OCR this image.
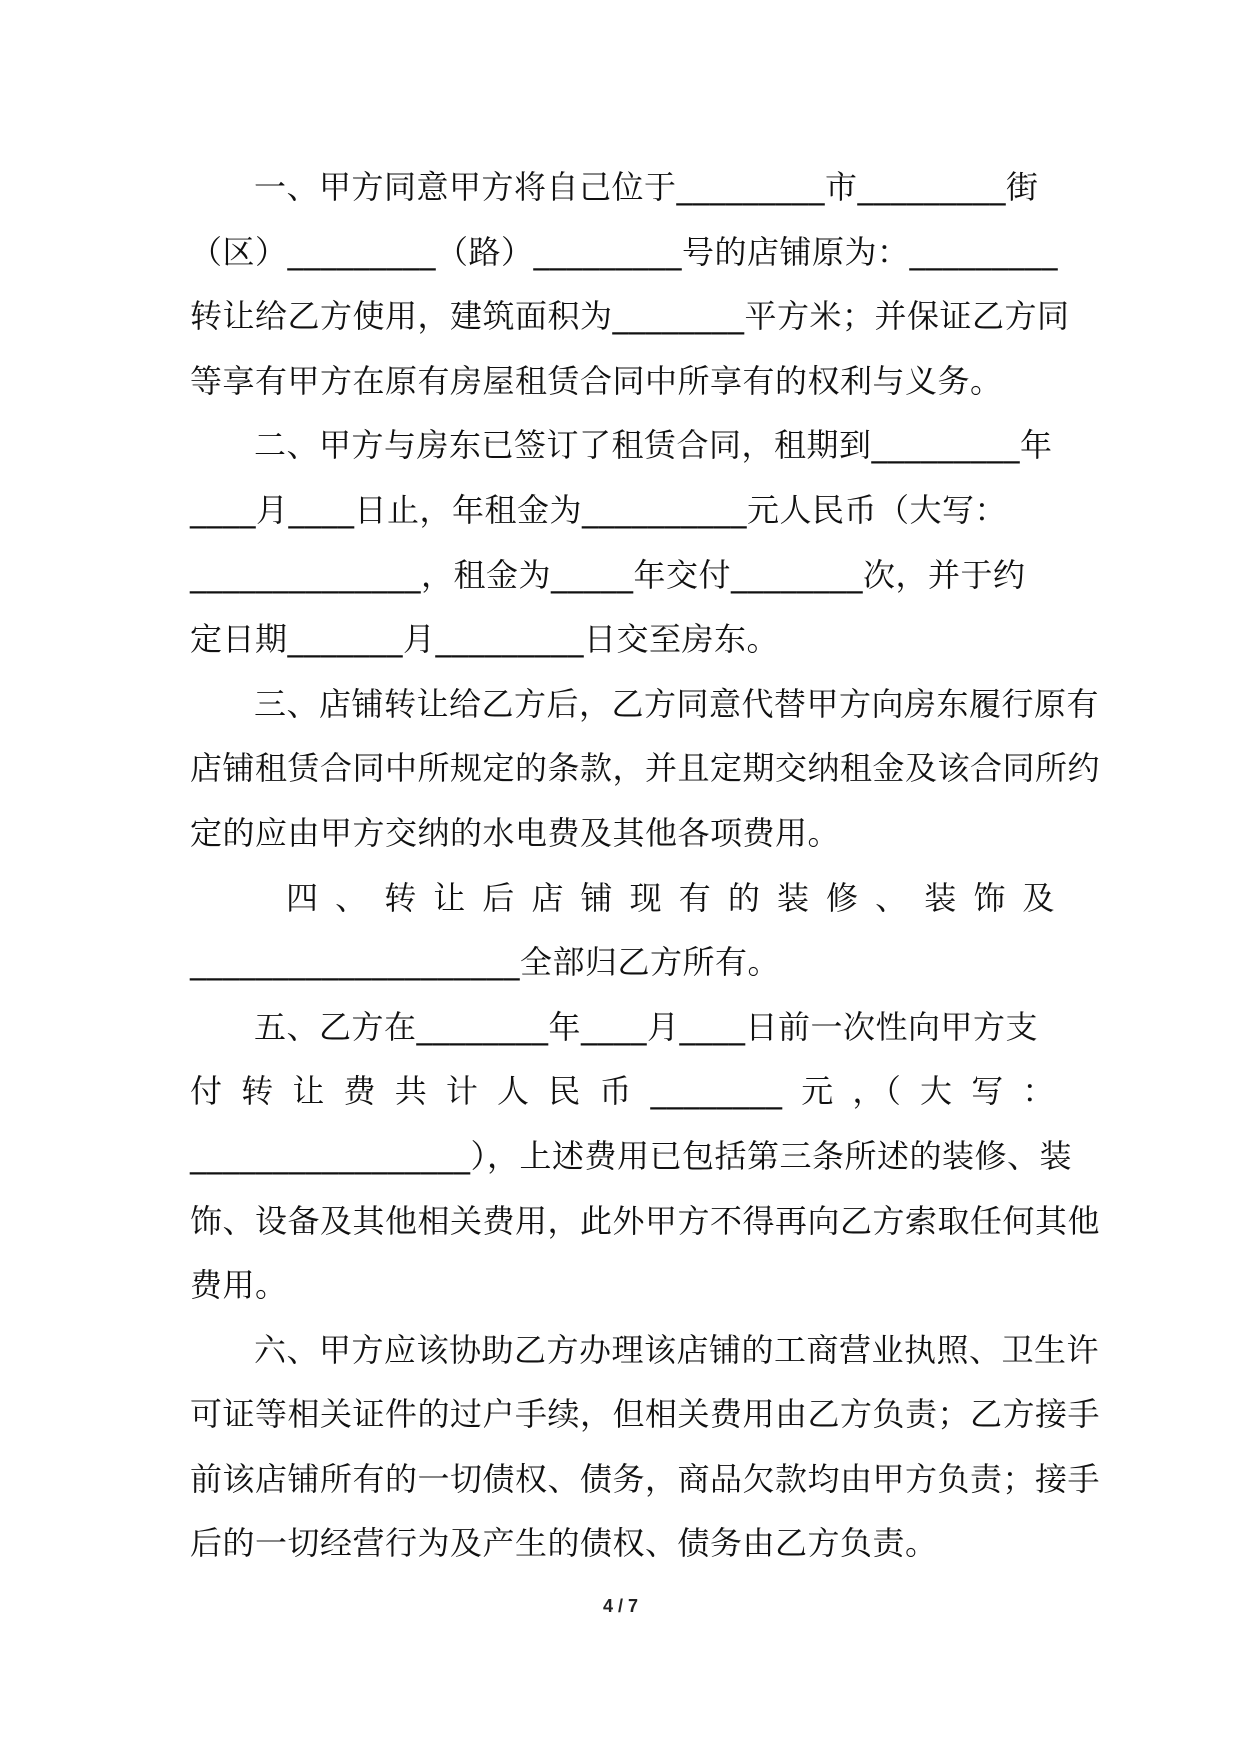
一、甲方同意甲方将自己位于_________市_________街
（区）_________（路）_________号的店铺原为：_________
转让给乙方使用，建筑面积为________平方米；并保证乙方同
等享有甲方在原有房屋租赁合同中所享有的权利与义务。
二、甲方与房东已签订了租赁合同，租期到_________年
____月____日止，年租金为__________元人民币（大写：
______________，租金为_____年交付________次，并于约
定日期_______月_________日交至房东。
三、店铺转让给乙方后，乙方同意代替甲方向房东履行原有
店铺租赁合同中所规定的条款，并且定期交纳租金及该合同所约
定的应由甲方交纳的水电费及其他各项费用。
四 、 转 让 后 店 铺 现 有 的 装 修 、 装 饰 及
____________________全部归乙方所有。
五、乙方在________年____月____日前一次性向甲方支
付 转 让 费 共 计 人 民 币 ________ 元 ，（ 大 写 ：
_________________），上述费用已包括第三条所述的装修、装
饰、设备及其他相关费用，此外甲方不得再向乙方索取任何其他
费用。
六、甲方应该协助乙方办理该店铺的工商营业执照、卫生许
可证等相关证件的过户手续，但相关费用由乙方负责；乙方接手
前该店铺所有的一切债权、债务，商品欠款均由甲方负责；接手
后的一切经营行为及产生的债权、债务由乙方负责。
4 / 7
